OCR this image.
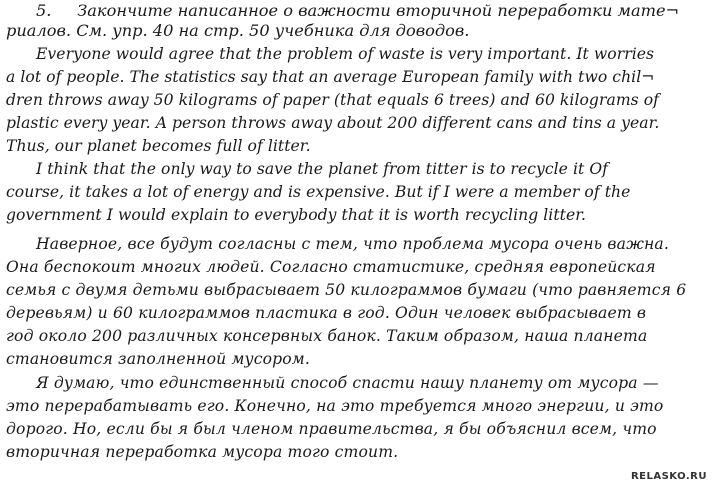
5. Закончите написанное о важности вторичной переработки мате¬
риалов. См. упр. 40 на стр. 50 учебника для доводов.
Everyone would agree that the problem of waste is very important. It worries
a lot of people. The statistics say that an average European family with two chil¬
dren throws away 50 kilograms of paper (that equals 6 trees) and 60 kilograms of
plastic every year. A person throws away about 200 different cans and tins a year.
Thus, our planet becomes full of litter.
I think that the only way to save the planet from titter is to recycle it Of
course, it takes a lot of energy and is expensive. But if I were a member of the
government I would explain to everybody that it is worth recycling litter.
Наверное, все будут согласны с тем, что проблема мусора очень важна.
Она беспокоит многих людей. Согласно статистике, средняя европейская
семья с двумя детьми выбрасывает 50 килограммов бумаги (что равняется 6
деревьям) и 60 килограммов пластика в год. Один человек выбрасывает в
год около 200 различных консервных банок. Таким образом, наша планета
становится заполненной мусором.
Я думаю, что единственный способ спасти нашу планету от мусора —
это перерабатывать его. Конечно, на это требуется много энергии, и это
дорого. Но, если бы я был членом правительства, я бы объяснил всем, что
вторичная переработка мусора того стоит.
RELASKO.RU
